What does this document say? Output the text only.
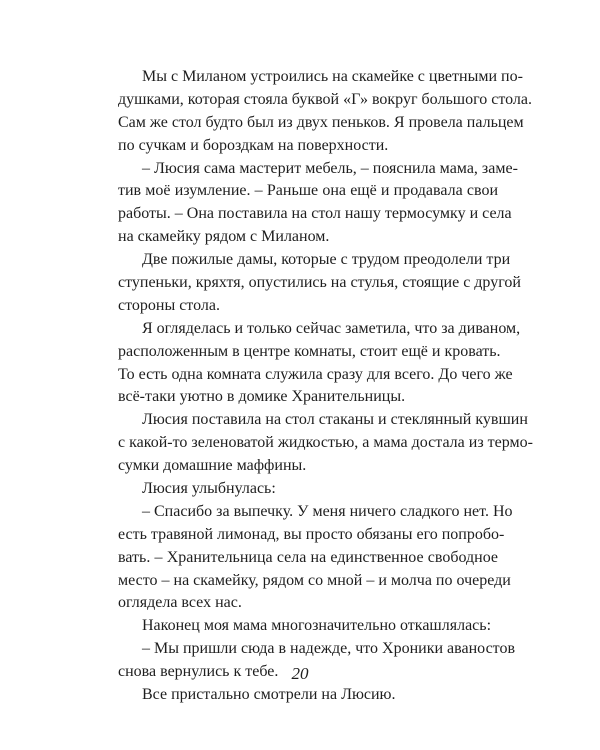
Мы с Миланом устроились на скамейке с цветными по-
душками, которая стояла буквой «Г» вокруг большого стола.
Сам же стол будто был из двух пеньков. Я провела пальцем
по сучкам и бороздкам на поверхности.
– Люсия сама мастерит мебель, – пояснила мама, заме-
тив моё изумление. – Раньше она ещё и продавала свои
работы. – Она поставила на стол нашу термосумку и села
на скамейку рядом с Миланом.
Две пожилые дамы, которые с трудом преодолели три
ступеньки, кряхтя, опустились на стулья, стоящие с другой
стороны стола.
Я огляделась и только сейчас заметила, что за диваном,
расположенным в центре комнаты, стоит ещё и кровать.
То есть одна комната служила сразу для всего. До чего же
всё-таки уютно в домике Хранительницы.
Люсия поставила на стол стаканы и стеклянный кувшин
с какой-то зеленоватой жидкостью, а мама достала из термо-
сумки домашние маффины.
Люсия улыбнулась:
– Спасибо за выпечку. У меня ничего сладкого нет. Но
есть травяной лимонад, вы просто обязаны его попробо-
вать. – Хранительница села на единственное свободное
место – на скамейку, рядом со мной – и молча по очереди
оглядела всех нас.
Наконец моя мама многозначительно откашлялась:
– Мы пришли сюда в надежде, что Хроники аваностов
снова вернулись к тебе.
Все пристально смотрели на Люсию.
20
